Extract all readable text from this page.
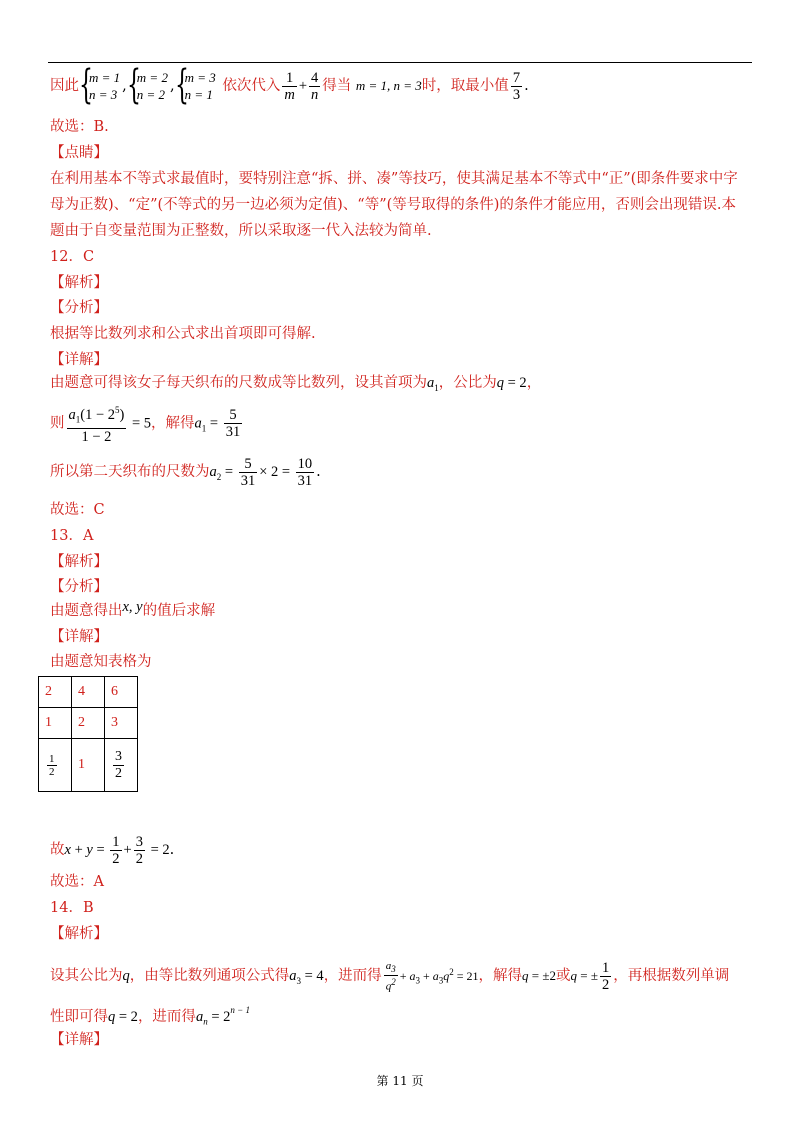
因此
{ m = 1
n = 3
,
{ m = 2
n = 2
,
{ m = 3
n = 1
依次代入 $\frac{1}{m} + \frac{4}{n}$ 得当 m = 1, n = 3时，取最小值 $\frac{7}{3}$ .
故选：B.
【点睛】
在利用基本不等式求最值时，要特别注意“拆、拼、凑”等技巧，使其满足基本不等式中“正”(即条件要求中字
母为正数)、“定”(不等式的另一边必须为定值)、“等”(等号取得的条件)的条件才能应用，否则会出现错误.本
题由于自变量范围为正整数，所以采取逐一代入法较为简单.
12．C
【解析】
【分析】
根据等比数列求和公式求出首项即可得解.
【详解】
由题意可得该女子每天织布的尺数成等比数列，设其首项为$a_1$，公比为q = 2，
则 $\frac{a_1(1 - 2^5)}{1 - 2} = 5$，解得$a_1 = \frac{5}{31}$
所以第二天织布的尺数为$a_2 = \frac{5}{31} \times 2 = \frac{10}{31}$ .
故选：C
13．A
【解析】
【分析】
由题意得出x, y的值后求解
【详解】
由题意知表格为
2	4	6
1	2	3

$\frac{1}{2}$	1	$\frac{3}{2}$
故$x + y = \frac{1}{2} + \frac{3}{2} = 2$.
故选：A
14．B
【解析】
设其公比为q，由等比数列通项公式得$a_3 = 4$，进而得 $\frac{a_3}{q^2} + a_3 + a_3q^2 = 21$，解得q = ±2或q = ± $\frac{1}{2}$ ，再根据数列单调
性即可得q = 2，进而得$a_n = 2^{n - 1}$
【详解】
第 11 页
